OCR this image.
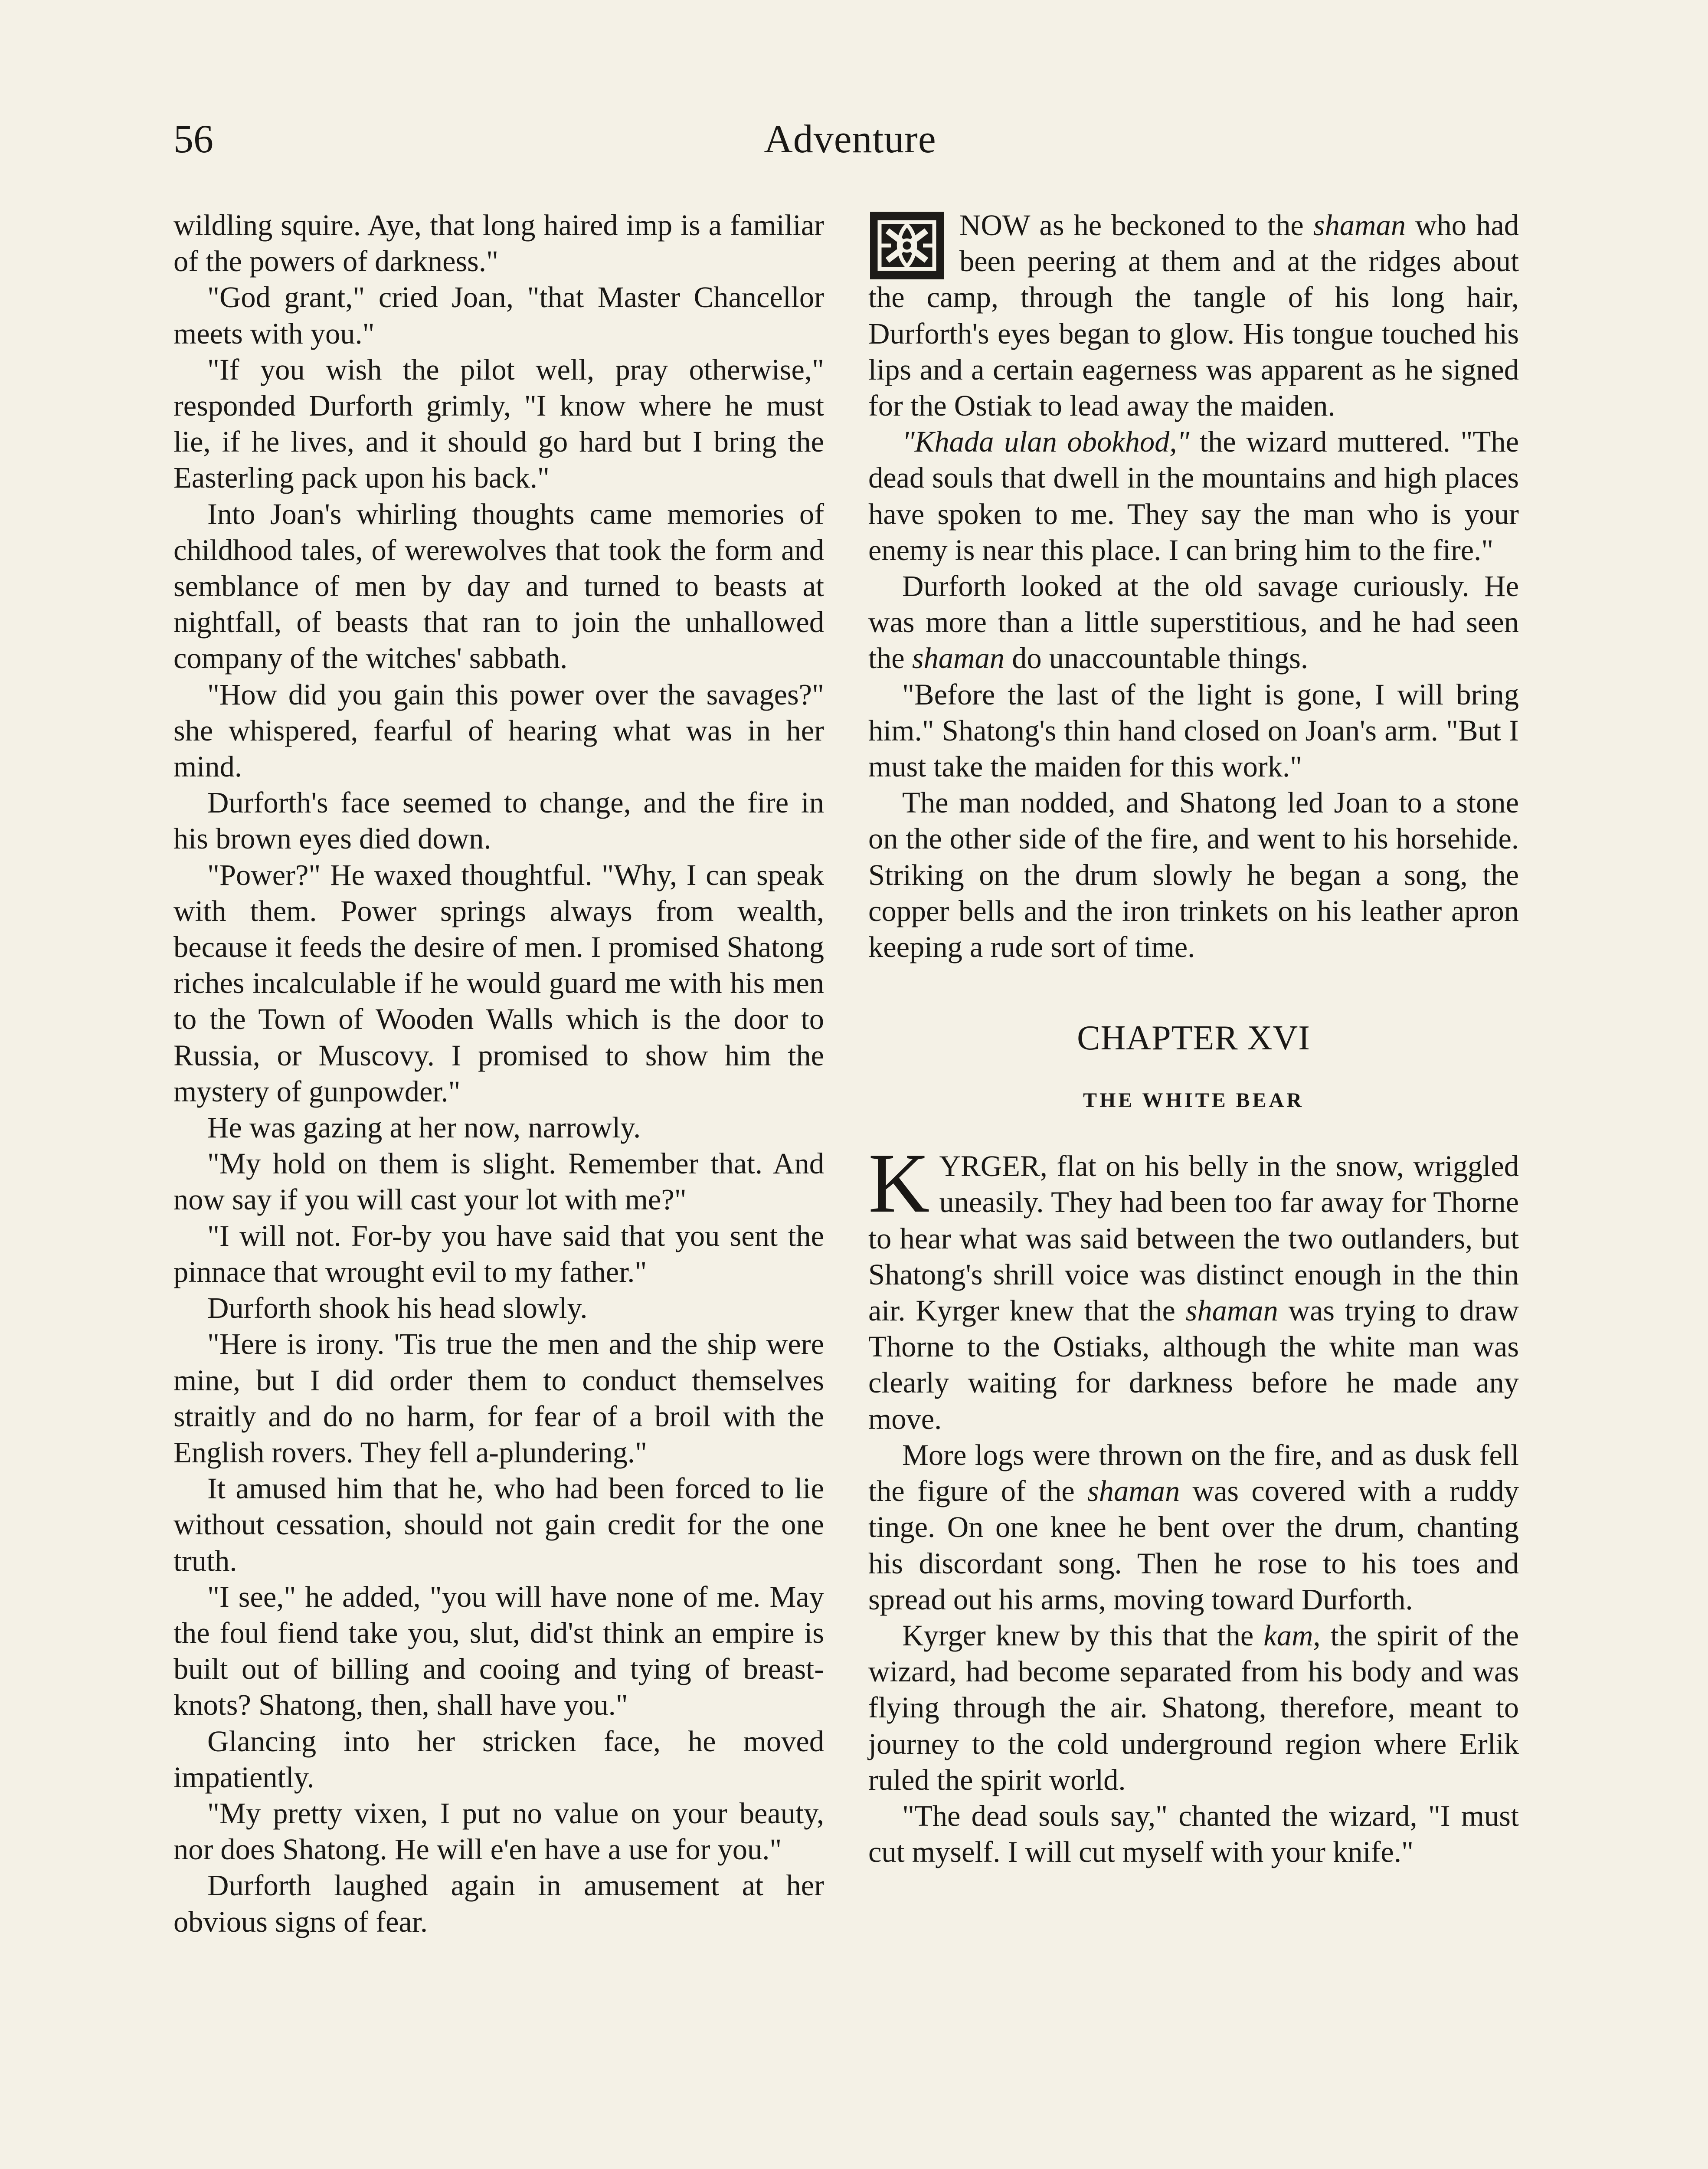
56	Adventure

wildling squire. Aye, that long haired imp is a familiar of the powers of darkness."

"God grant," cried Joan, "that Master Chancellor meets with you."

"If you wish the pilot well, pray otherwise," responded Durforth grimly, "I know where he must lie, if he lives, and it should go hard but I bring the Easterling pack upon his back."

Into Joan's whirling thoughts came memories of childhood tales, of werewolves that took the form and semblance of men by day and turned to beasts at nightfall, of beasts that ran to join the unhallowed company of the witches' sabbath.

"How did you gain this power over the savages?" she whispered, fearful of hearing what was in her mind.

Durforth's face seemed to change, and the fire in his brown eyes died down.

"Power?" He waxed thoughtful. "Why, I can speak with them. Power springs always from wealth, because it feeds the desire of men. I promised Shatong riches incalculable if he would guard me with his men to the Town of Wooden Walls which is the door to Russia, or Muscovy. I promised to show him the mystery of gunpowder."

He was gazing at her now, narrowly.

"My hold on them is slight. Remember that. And now say if you will cast your lot with me?"

"I will not. For-by you have said that you sent the pinnace that wrought evil to my father."

Durforth shook his head slowly.

"Here is irony. 'Tis true the men and the ship were mine, but I did order them to conduct themselves straitly and do no harm, for fear of a broil with the English rovers. They fell a-plundering."

It amused him that he, who had been forced to lie without cessation, should not gain credit for the one truth.

"I see," he added, "you will have none of me. May the foul fiend take you, slut, did'st think an empire is built out of billing and cooing and tying of breast-knots? Shatong, then, shall have you."

Glancing into her stricken face, he moved impatiently.

"My pretty vixen, I put no value on your beauty, nor does Shatong. He will e'en have a use for you."

Durforth laughed again in amusement at her obvious signs of fear.

NOW as he beckoned to the shaman who had been peering at them and at the ridges about the camp, through the tangle of his long hair, Durforth's eyes began to glow. His tongue touched his lips and a certain eagerness was apparent as he signed for the Ostiak to lead away the maiden.

"Khada ulan obokhod," the wizard muttered. "The dead souls that dwell in the mountains and high places have spoken to me. They say the man who is your enemy is near this place. I can bring him to the fire."

Durforth looked at the old savage curiously. He was more than a little superstitious, and he had seen the shaman do unaccountable things.

"Before the last of the light is gone, I will bring him." Shatong's thin hand closed on Joan's arm. "But I must take the maiden for this work."

The man nodded, and Shatong led Joan to a stone on the other side of the fire, and went to his horsehide. Striking on the drum slowly he began a song, the copper bells and the iron trinkets on his leather apron keeping a rude sort of time.

CHAPTER XVI
THE WHITE BEAR

KYRGER, flat on his belly in the snow, wriggled uneasily. They had been too far away for Thorne to hear what was said between the two outlanders, but Shatong's shrill voice was distinct enough in the thin air. Kyrger knew that the shaman was trying to draw Thorne to the Ostiaks, although the white man was clearly waiting for darkness before he made any move.

More logs were thrown on the fire, and as dusk fell the figure of the shaman was covered with a ruddy tinge. On one knee he bent over the drum, chanting his discordant song. Then he rose to his toes and spread out his arms, moving toward Durforth.

Kyrger knew by this that the kam, the spirit of the wizard, had become separated from his body and was flying through the air. Shatong, therefore, meant to journey to the cold underground region where Erlik ruled the spirit world.

"The dead souls say," chanted the wizard, "I must cut myself. I will cut myself with your knife."
